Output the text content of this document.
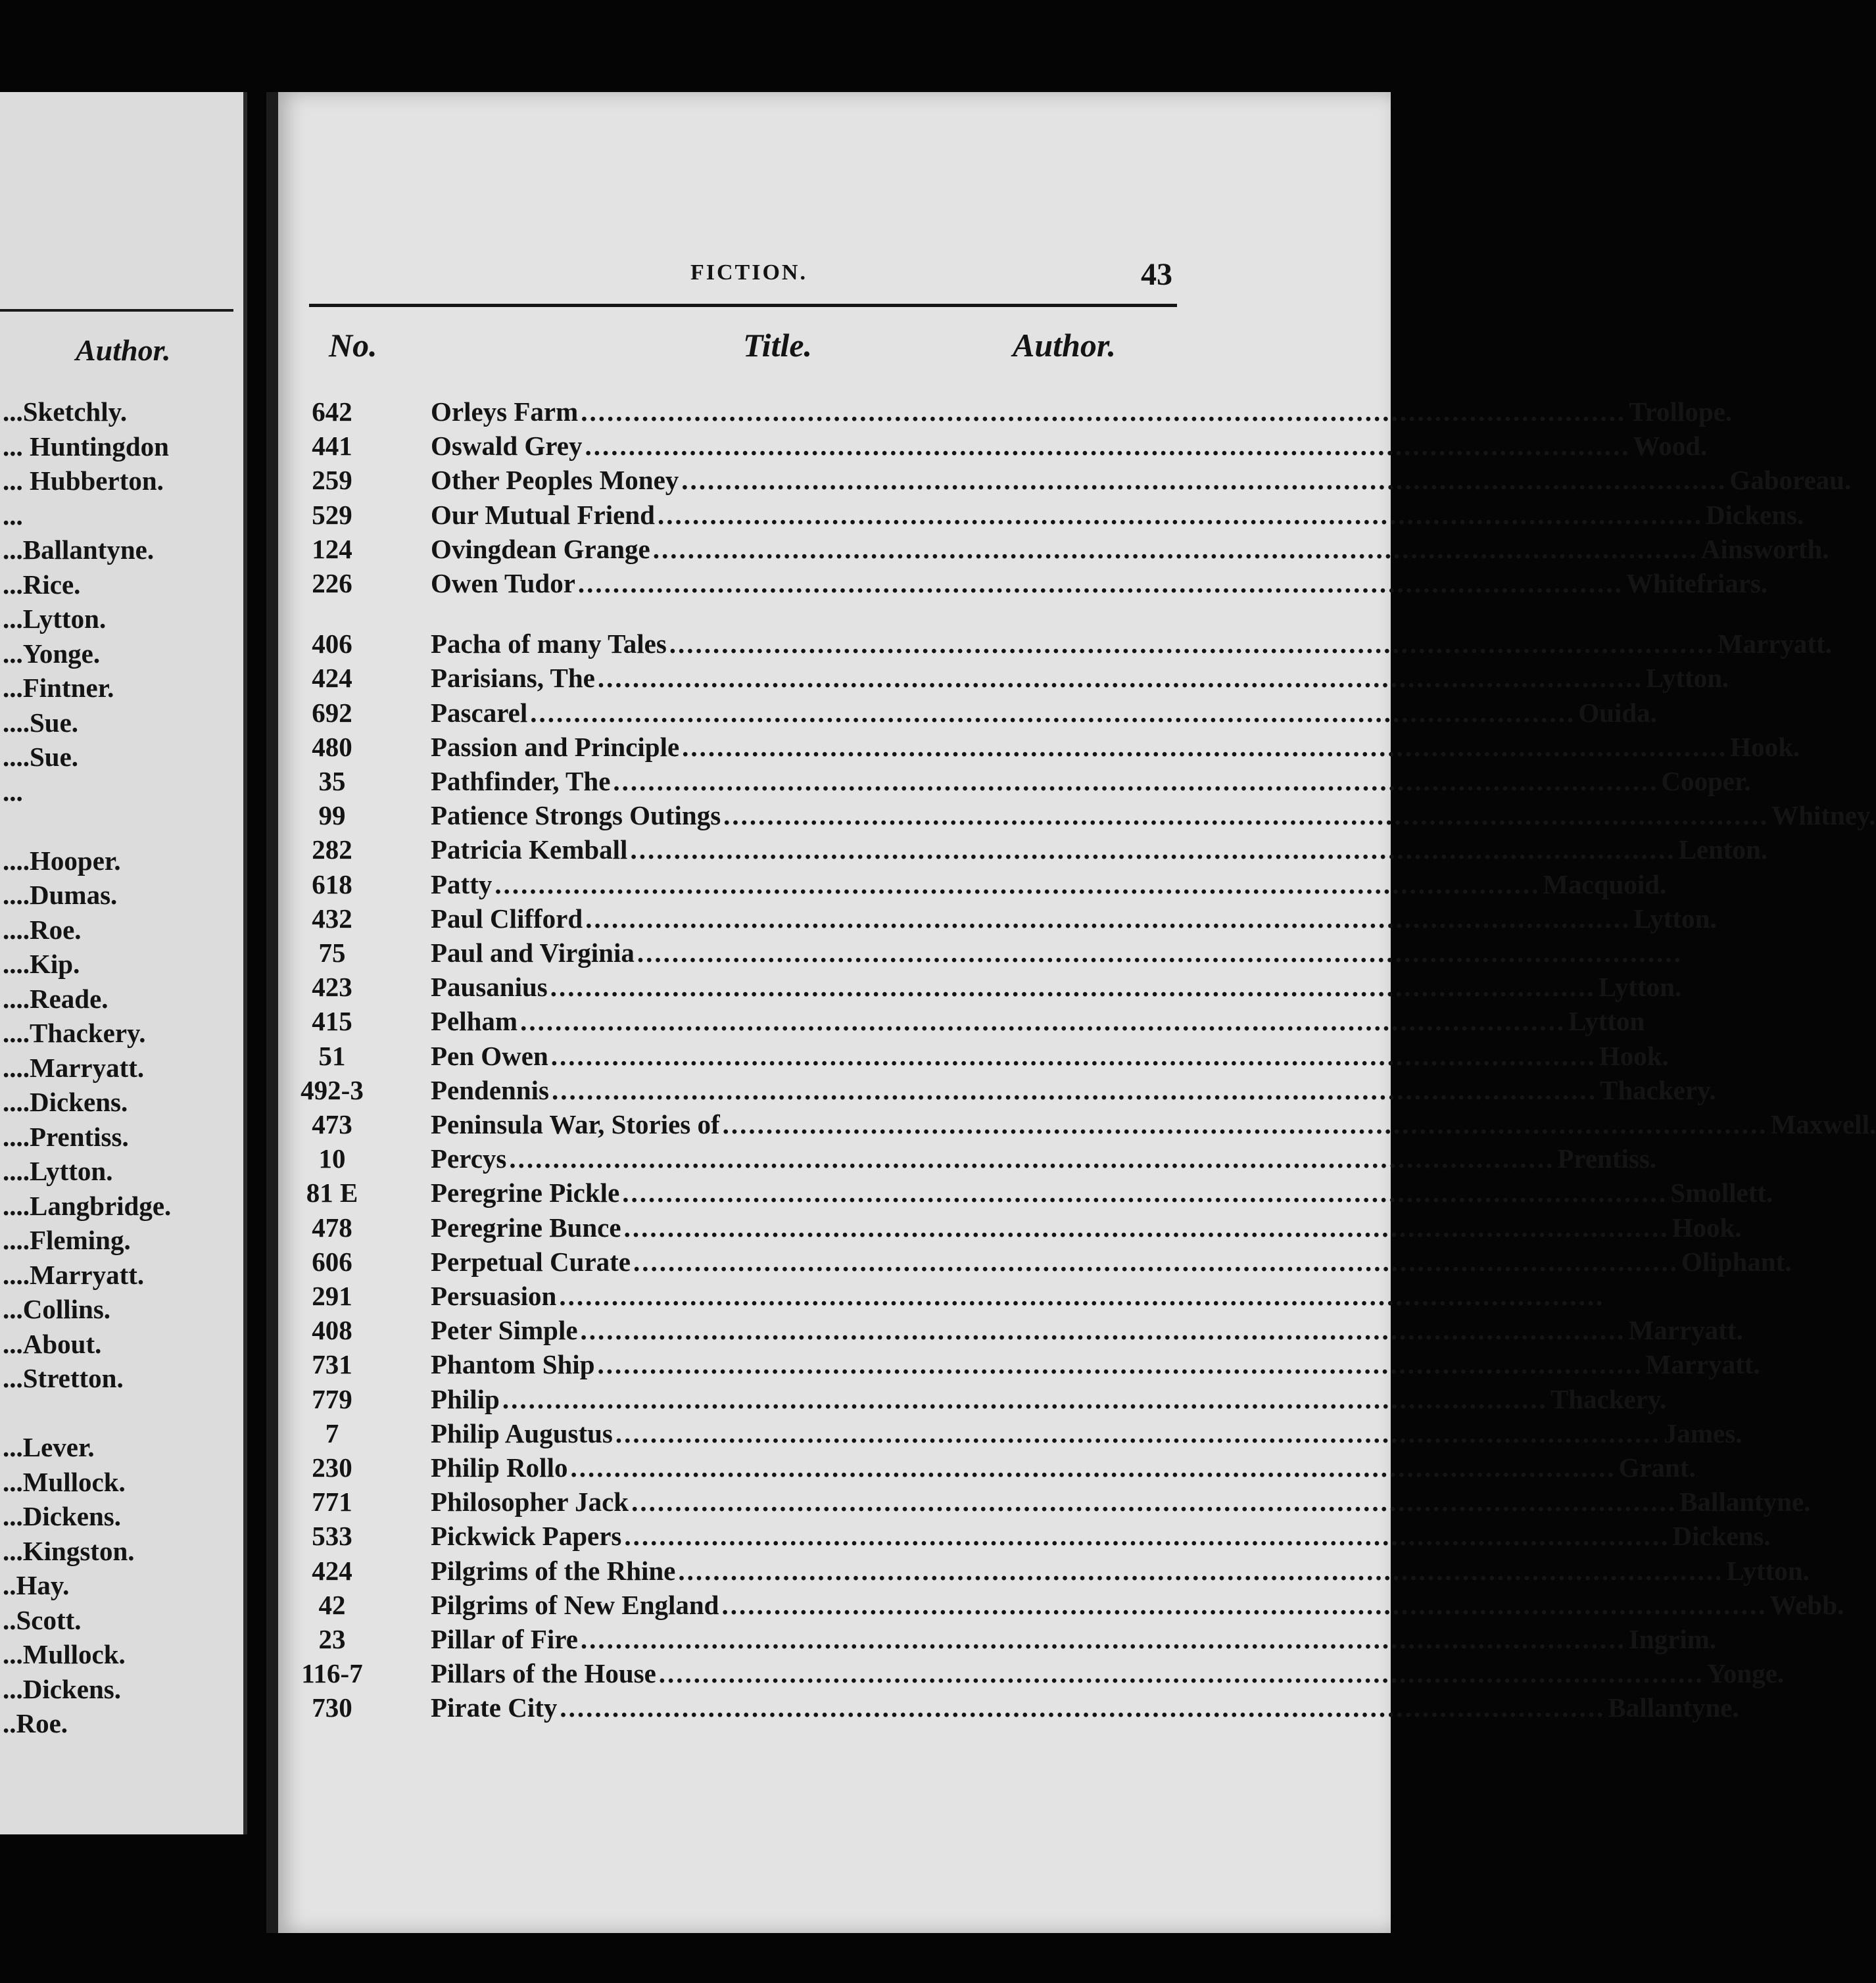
Author.
...Sketchly.
... Huntingdon
... Hubberton.
...
...Ballantyne.
...Rice.
...Lytton.
...Yonge.
...Fintner.
....Sue.
....Sue.
...
....Hooper.
....Dumas.
....Roe.
....Kip.
....Reade.
....Thackery.
....Marryatt.
....Dickens.
....Prentiss.
....Lytton.
....Langbridge.
....Fleming.
....Marryatt.
...Collins.
...About.
...Stretton.
...Lever.
...Mullock.
...Dickens.
...Kingston.
..Hay.
..Scott.
...Mullock.
...Dickens.
..Roe.
FICTION.	43
No.	Title.	Author.
642	Orleys Farm ........................................................................................................................ Trollope.
441	Oswald Grey ........................................................................................................................ Wood.
259	Other Peoples Money ........................................................................................................................ Gaboreau.
529	Our Mutual Friend ........................................................................................................................ Dickens.
124	Ovingdean Grange ........................................................................................................................ Ainsworth.
226	Owen Tudor ........................................................................................................................ Whitefriars.
406	Pacha of many Tales ........................................................................................................................ Marryatt.
424	Parisians, The ........................................................................................................................ Lytton.
692	Pascarel ........................................................................................................................ Ouida.
480	Passion and Principle ........................................................................................................................ Hook.
35	Pathfinder, The ........................................................................................................................ Cooper.
99	Patience Strongs Outings ........................................................................................................................ Whitney.
282	Patricia Kemball ........................................................................................................................ Lenton.
618	Patty ........................................................................................................................ Macquoid.
432	Paul Clifford ........................................................................................................................ Lytton.
75	Paul and Virginia ........................................................................................................................
423	Pausanius ........................................................................................................................ Lytton.
415	Pelham ........................................................................................................................ Lytton
51	Pen Owen ........................................................................................................................ Hook.
492-3	Pendennis ........................................................................................................................ Thackery.
473	Peninsula War, Stories of ........................................................................................................................ Maxwell.
10	Percys ........................................................................................................................ Prentiss.
81 E	Peregrine Pickle ........................................................................................................................ Smollett.
478	Peregrine Bunce ........................................................................................................................ Hook.
606	Perpetual Curate ........................................................................................................................ Oliphant.
291	Persuasion ........................................................................................................................
408	Peter Simple ........................................................................................................................ Marryatt.
731	Phantom Ship ........................................................................................................................ Marryatt.
779	Philip ........................................................................................................................ Thackery.
7	Philip Augustus ........................................................................................................................ James.
230	Philip Rollo ........................................................................................................................ Grant.
771	Philosopher Jack ........................................................................................................................ Ballantyne.
533	Pickwick Papers ........................................................................................................................ Dickens.
424	Pilgrims of the Rhine ........................................................................................................................ Lytton.
42	Pilgrims of New England ........................................................................................................................ Webb.
23	Pillar of Fire ........................................................................................................................ Ingrim.
116-7	Pillars of the House ........................................................................................................................ Yonge.
730	Pirate City ........................................................................................................................ Ballantyne.
